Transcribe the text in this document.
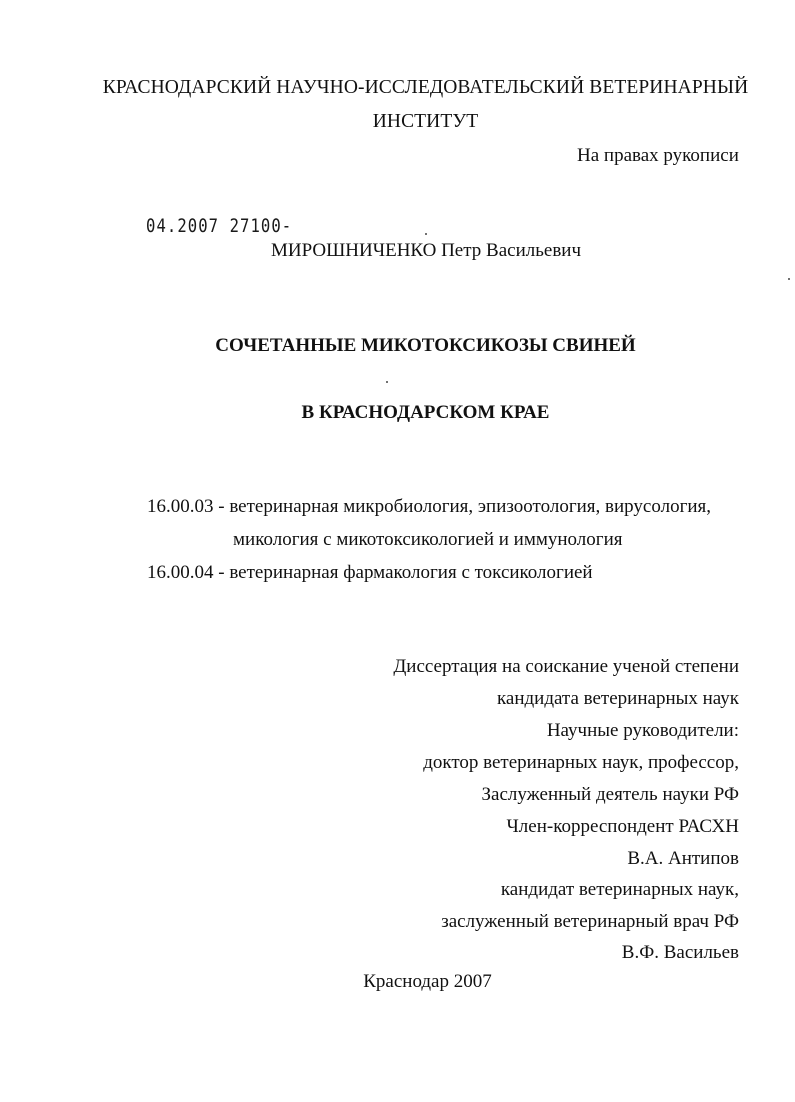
КРАСНОДАРСКИЙ НАУЧНО-ИССЛЕДОВАТЕЛЬСКИЙ ВЕТЕРИНАРНЫЙ
ИНСТИТУТ
На правах рукописи
04.2007 27100-
МИРОШНИЧЕНКО Петр Васильевич
СОЧЕТАННЫЕ МИКОТОКСИКОЗЫ СВИНЕЙ
В КРАСНОДАРСКОМ КРАЕ
16.00.03 - ветеринарная микробиология, эпизоотология, вирусология,
микология с микотоксикологией и иммунология
16.00.04 - ветеринарная фармакология с токсикологией
Диссертация на соискание ученой степени
кандидата ветеринарных наук
Научные руководители:
доктор ветеринарных наук, профессор,
Заслуженный деятель науки РФ
Член-корреспондент РАСХН
В.А. Антипов
кандидат ветеринарных наук,
заслуженный ветеринарный врач РФ
В.Ф. Васильев
Краснодар 2007
